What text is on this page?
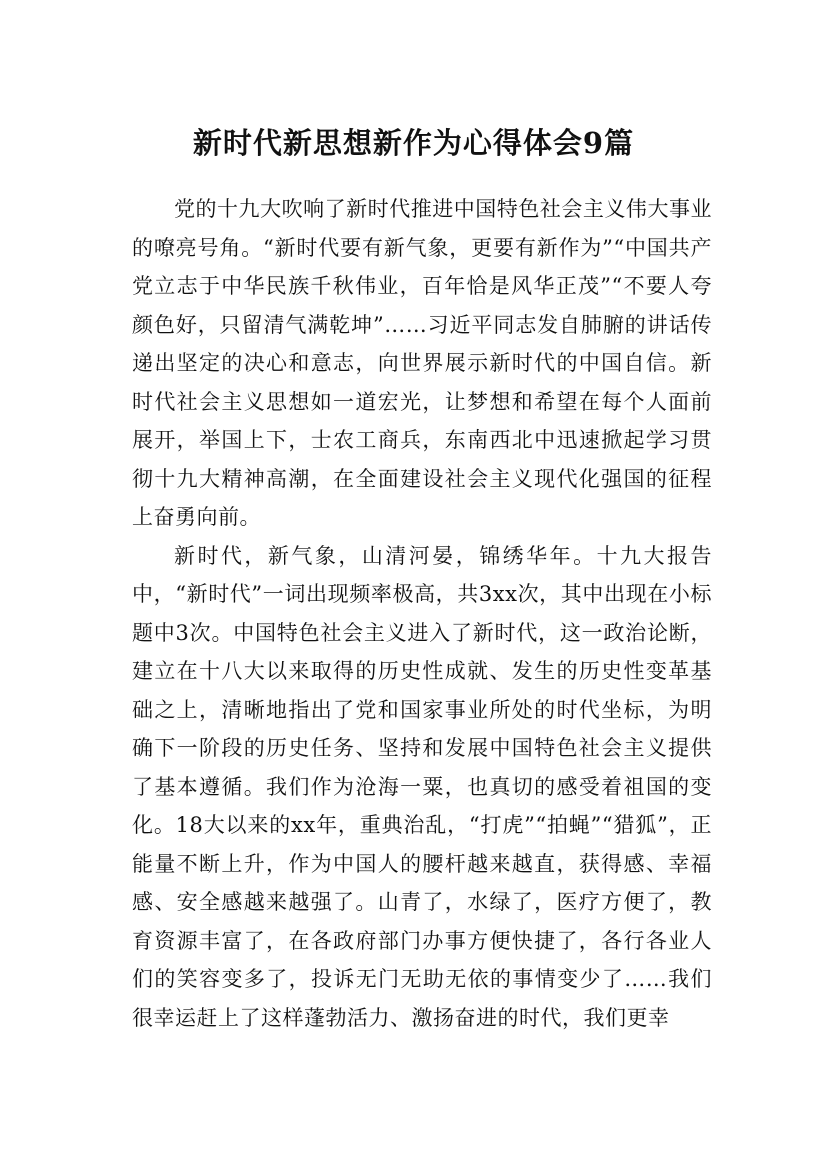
新时代新思想新作为心得体会9篇

党的十九大吹响了新时代推进中国特色社会主义伟大事业的嘹亮号角。“新时代要有新气象，更要有新作为”“中国共产党立志于中华民族千秋伟业，百年恰是风华正茂”“不要人夸颜色好，只留清气满乾坤”……习近平同志发自肺腑的讲话传递出坚定的决心和意志，向世界展示新时代的中国自信。新时代社会主义思想如一道宏光，让梦想和希望在每个人面前展开，举国上下，士农工商兵，东南西北中迅速掀起学习贯彻十九大精神高潮，在全面建设社会主义现代化强国的征程上奋勇向前。

新时代，新气象，山清河晏，锦绣华年。十九大报告中，“新时代”一词出现频率极高，共3xx次，其中出现在小标题中3次。中国特色社会主义进入了新时代，这一政治论断，建立在十八大以来取得的历史性成就、发生的历史性变革基础之上，清晰地指出了党和国家事业所处的时代坐标，为明确下一阶段的历史任务、坚持和发展中国特色社会主义提供了基本遵循。我们作为沧海一粟，也真切的感受着祖国的变化。18大以来的xx年，重典治乱，“打虎”“拍蝇”“猎狐”，正能量不断上升，作为中国人的腰杆越来越直，获得感、幸福感、安全感越来越强了。山青了，水绿了，医疗方便了，教育资源丰富了，在各政府部门办事方便快捷了，各行各业人们的笑容变多了，投诉无门无助无依的事情变少了……我们很幸运赶上了这样蓬勃活力、激扬奋进的时代，我们更幸
